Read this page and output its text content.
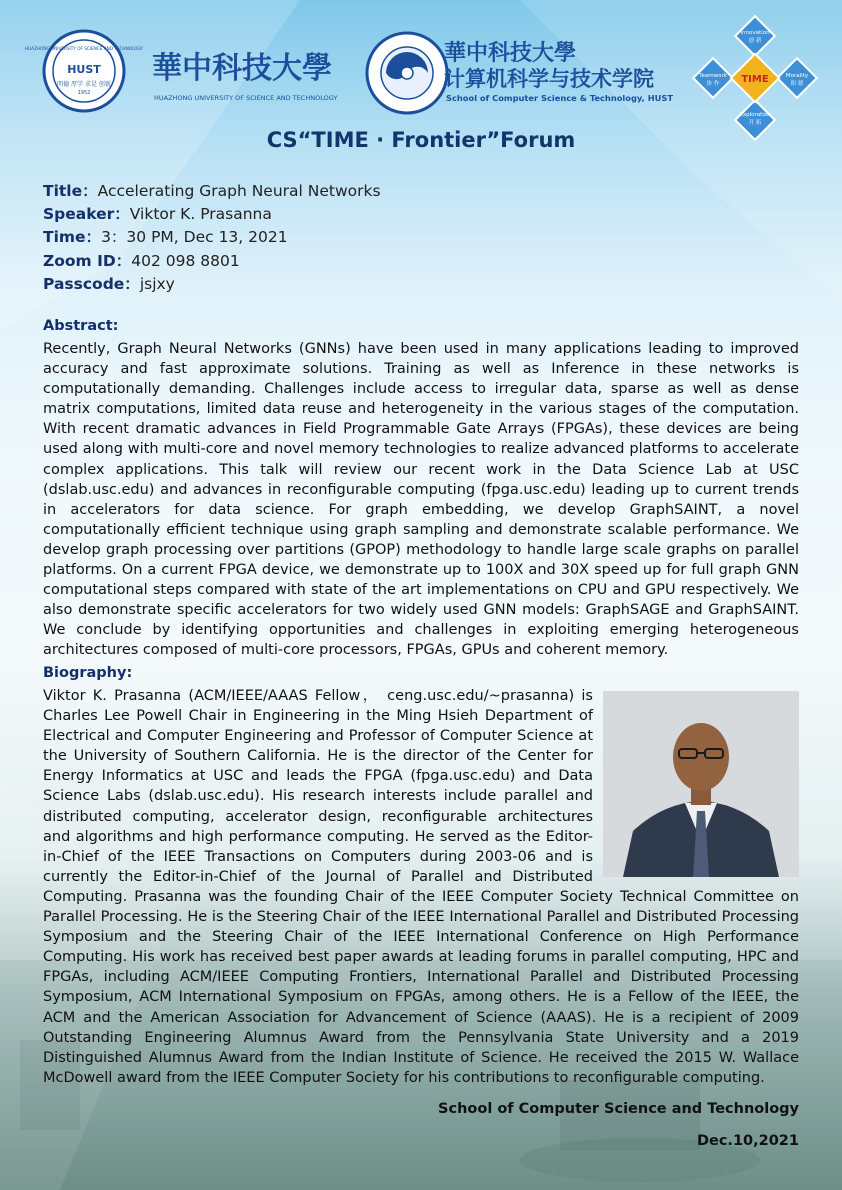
HUST
明德 厚学 求是 创新
1952
HUAZHONG UNIVERSITY OF SCIENCE AND TECHNOLOGY
華中科技大學
HUAZHONG UNIVERSITY OF SCIENCE AND TECHNOLOGY
華中科技大學
计算机科学与技术学院
School of Computer Science & Technology, HUST
TIME
Innovation
创 新
Morality
积 德
Exploration
开 拓
Teamwork
协 作
CS“TIME · Frontier”Forum
Title：Accelerating Graph Neural Networks
Speaker：Viktor K. Prasanna
Time：3：30 PM, Dec 13, 2021
Zoom ID：402 098 8801
Passcode：jsjxy
Abstract:
Recently, Graph Neural Networks (GNNs) have been used in many applications leading to improved accuracy and fast approximate solutions. Training as well as Inference in these networks is computationally demanding. Challenges include access to irregular data, sparse as well as dense matrix computations, limited data reuse and heterogeneity in the various stages of the computation. With recent dramatic advances in Field Programmable Gate Arrays (FPGAs), these devices are being used along with multi-core and novel memory technologies to realize advanced platforms to accelerate complex applications. This talk will review our recent work in the Data Science Lab at USC (dslab.usc.edu) and advances in reconfigurable computing (fpga.usc.edu) leading up to current trends in accelerators for data science. For graph embedding, we develop GraphSAINT, a novel computationally efficient technique using graph sampling and demonstrate scalable performance. We develop graph processing over partitions (GPOP) methodology to handle large scale graphs on parallel platforms. On a current FPGA device, we demonstrate up to 100X and 30X speed up for full graph GNN computational steps compared with state of the art implementations on CPU and GPU respectively. We also demonstrate specific accelerators for two widely used GNN models: GraphSAGE and GraphSAINT. We conclude by identifying opportunities and challenges in exploiting emerging heterogeneous architectures composed of multi-core processors, FPGAs, GPUs and coherent memory.
Biography:

Viktor K. Prasanna (ACM/IEEE/AAAS Fellow， ceng.usc.edu/~prasanna) is Charles Lee Powell Chair in Engineering in the Ming Hsieh Department of Electrical and Computer Engineering and Professor of Computer Science at the University of Southern California. He is the director of the Center for Energy Informatics at USC and leads the FPGA (fpga.usc.edu) and Data Science Labs (dslab.usc.edu). His research interests include parallel and distributed computing, accelerator design, reconfigurable architectures and algorithms and high performance computing. He served as the Editor-in-Chief of the IEEE Transactions on Computers during 2003-06 and is currently the Editor-in-Chief of the Journal of Parallel and Distributed Computing. Prasanna was the founding Chair of the IEEE Computer Society Technical Committee on Parallel Processing. He is the Steering Chair of the IEEE International Parallel and Distributed Processing Symposium and the Steering Chair of the IEEE International Conference on High Performance Computing. His work has received best paper awards at leading forums in parallel computing, HPC and FPGAs, including ACM/IEEE Computing Frontiers, International Parallel and Distributed Processing Symposium, ACM International Symposium on FPGAs, among others. He is a Fellow of the IEEE, the ACM and the American Association for Advancement of Science (AAAS). He is a recipient of 2009 Outstanding Engineering Alumnus Award from the Pennsylvania State University and a 2019 Distinguished Alumnus Award from the Indian Institute of Science. He received the 2015 W. Wallace McDowell award from the IEEE Computer Society for his contributions to reconfigurable computing.

School of Computer Science and Technology
Dec.10,2021
